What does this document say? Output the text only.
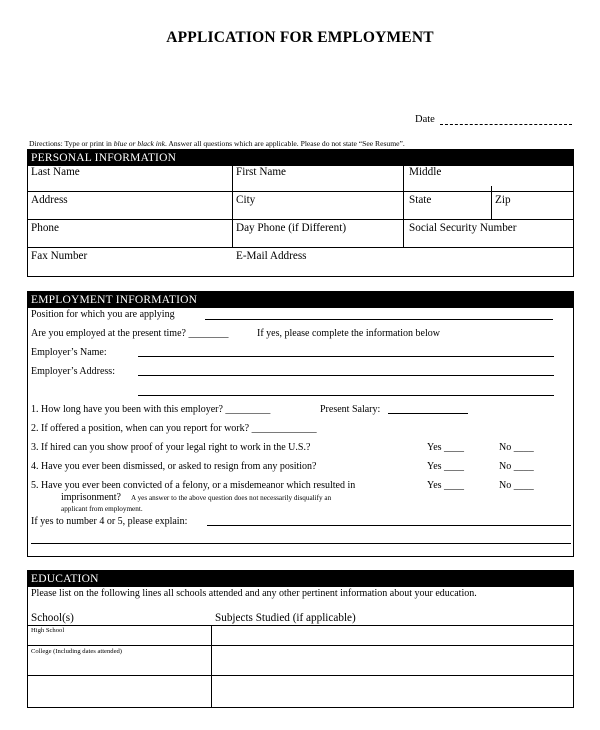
APPLICATION FOR EMPLOYMENT
Date
Directions: Type or print in blue or black ink. Answer all questions which are applicable. Please do not state “See Resume”.
PERSONAL INFORMATION
Last Name	First Name	Middle
Address	City	State	Zip
Phone	Day Phone (if Different)	Social Security Number
Fax Number	E-Mail Address
EMPLOYMENT INFORMATION
Position for which you are applying
Are you employed at the present time? ________	If yes, please complete the information below
Employer’s Name:
Employer’s Address:
1. How long have you been with this employer? _________	Present Salary:
2. If offered a position, when can you report for work? _____________
3. If hired can you show proof of your legal right to work in the U.S.?	Yes ____	No ____
4. Have you ever been dismissed, or asked to resign from any position?	Yes ____	No ____
5. Have you ever been convicted of a felony, or a misdemeanor which resulted in	Yes ____	No ____
imprisonment? A yes answer to the above question does not necessarily disqualify an
applicant from employment.
If yes to number 4 or 5, please explain:
EDUCATION
Please list on the following lines all schools attended and any other pertinent information about your education.
School(s)	Subjects Studied (if applicable)
High School
College (Including dates attended)
